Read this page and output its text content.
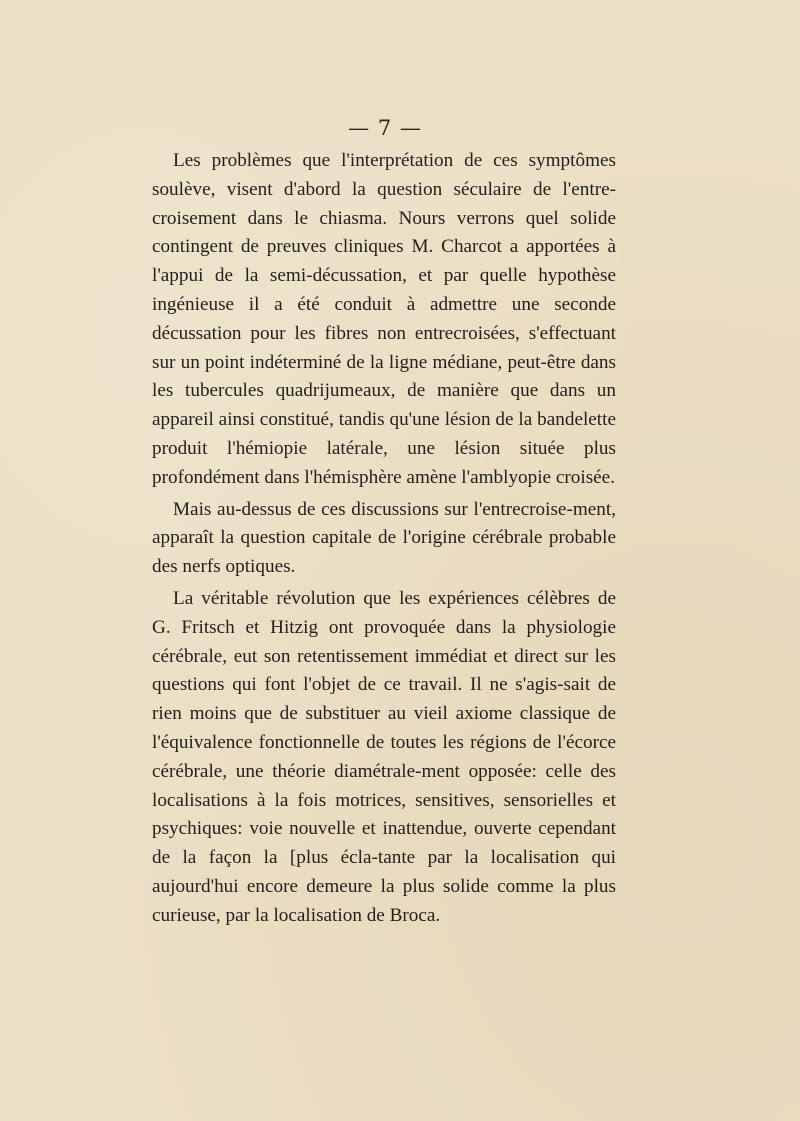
— 7 —

Les problèmes que l'interprétation de ces symptômes soulève, visent d'abord la question séculaire de l'entre-croisement dans le chiasma. Nours verrons quel solide contingent de preuves cliniques M. Charcot a apportées à l'appui de la semi-décussation, et par quelle hypothèse ingénieuse il a été conduit à admettre une seconde décussation pour les fibres non entrecroisées, s'effectuant sur un point indéterminé de la ligne médiane, peut-être dans les tubercules quadrijumeaux, de manière que dans un appareil ainsi constitué, tandis qu'une lésion de la bandelette produit l'hémiopie latérale, une lésion située plus profondément dans l'hémisphère amène l'amblyopie croisée.

Mais au-dessus de ces discussions sur l'entrecroise-ment, apparaît la question capitale de l'origine cérébrale probable des nerfs optiques.

La véritable révolution que les expériences célèbres de G. Fritsch et Hitzig ont provoquée dans la physiologie cérébrale, eut son retentissement immédiat et direct sur les questions qui font l'objet de ce travail. Il ne s'agis-sait de rien moins que de substituer au vieil axiome classique de l'équivalence fonctionnelle de toutes les régions de l'écorce cérébrale, une théorie diamétrale-ment opposée: celle des localisations à la fois motrices, sensitives, sensorielles et psychiques: voie nouvelle et inattendue, ouverte cependant de la façon la [plus écla-tante par la localisation qui aujourd'hui encore demeure la plus solide comme la plus curieuse, par la localisation de Broca.
